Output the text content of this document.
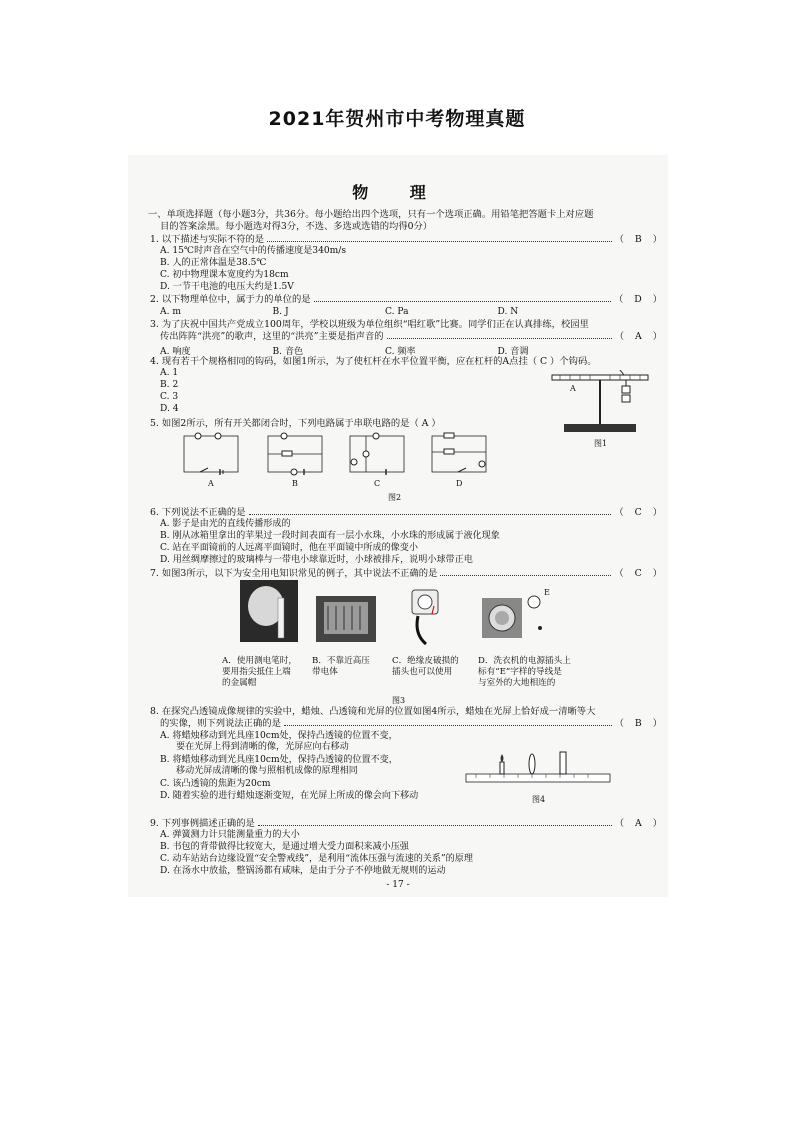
2021年贺州市中考物理真题
物 理
一、单项选择题（每小题3分，共36分。每小题给出四个选项，只有一个选项正确。用铅笔把答题卡上对应题
目的答案涂黑。每小题选对得3分，不选、多选或选错的均得0分）
1. 以下描述与实际不符的是	（ B ）
A. 15℃时声音在空气中的传播速度是340m/s
B. 人的正常体温是38.5℃
C. 初中物理课本宽度约为18cm
D. 一节干电池的电压大约是1.5V
2. 以下物理单位中，属于力的单位的是	（ D ）
A. m	B. J	C. Pa	D. N
3. 为了庆祝中国共产党成立100周年，学校以班级为单位组织“唱红歌”比赛。同学们正在认真排练，校园里
传出阵阵“洪亮”的歌声，这里的“洪亮”主要是指声音的	（ A ）
A. 响度	B. 音色	C. 频率	D. 音调
4. 现有若干个规格相同的钩码，如图1所示，为了使杠杆在水平位置平衡，应在杠杆的A点挂（ C ）个钩码。
A. 1
B. 2
C. 3
D. 4
A
图1
5. 如图2所示，所有开关都闭合时，下列电路属于串联电路的是（ A ）
A	B	C	D
图2
6. 下列说法不正确的是	（ C ）
A. 影子是由光的直线传播形成的
B. 刚从冰箱里拿出的苹果过一段时间表面有一层小水珠，小水珠的形成属于液化现象
C. 站在平面镜前的人远离平面镜时，他在平面镜中所成的像变小
D. 用丝绸摩擦过的玻璃棒与一带电小球靠近时，小球被排斥，说明小球带正电
7. 如图3所示，以下为安全用电知识常见的例子，其中说法不正确的是	（ C ）
E
A．使用测电笔时，
要用指尖抵住上端
的金属帽
B．不靠近高压
带电体
C．绝缘皮破损的
插头也可以使用
D．洗衣机的电源插头上
标有“E”字样的导线是
与室外的大地相连的
图3
8. 在探究凸透镜成像规律的实验中，蜡烛、凸透镜和光屏的位置如图4所示，蜡烛在光屏上恰好成一清晰等大
的实像，则下列说法正确的是	（ B ）
A. 将蜡烛移动到光具座10cm处，保持凸透镜的位置不变，
要在光屏上得到清晰的像，光屏应向右移动
B. 将蜡烛移动到光具座10cm处，保持凸透镜的位置不变，
移动光屏成清晰的像与照相机成像的原理相同
C. 该凸透镜的焦距为20cm
D. 随着实验的进行蜡烛逐渐变短，在光屏上所成的像会向下移动	图4
9. 下列事例描述正确的是	（ A ）
A. 弹簧测力计只能测量重力的大小
B. 书包的背带做得比较宽大，是通过增大受力面积来减小压强
C. 动车站站台边缘设置“安全警戒线”，是利用“流体压强与流速的关系”的原理
D. 在汤水中放盐，整锅汤都有咸味，是由于分子不停地做无规则的运动
- 17 -
